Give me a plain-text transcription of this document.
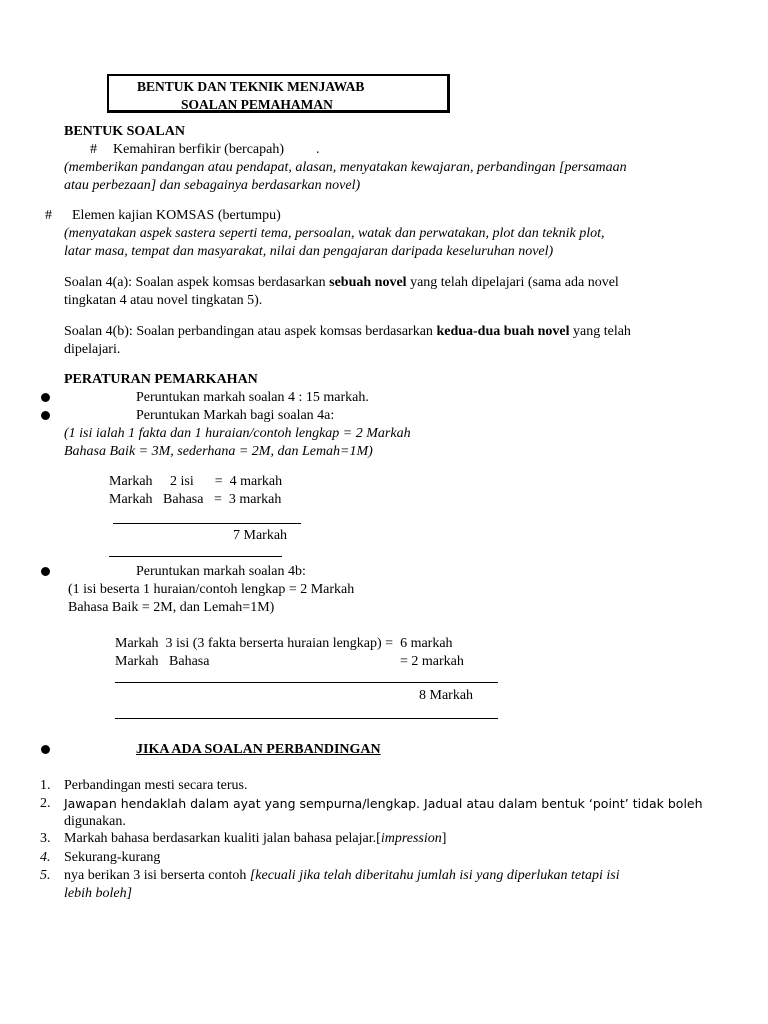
BENTUK DAN TEKNIK MENJAWAB
SOALAN PEMAHAMAN
BENTUK SOALAN
# Kemahiran berfikir (bercapah) .
(memberikan pandangan atau pendapat, alasan, menyatakan kewajaran, perbandingan [persamaan
atau perbezaan] dan sebagainya berdasarkan novel)
# Elemen kajian KOMSAS (bertumpu)
(menyatakan aspek sastera seperti tema, persoalan, watak dan perwatakan, plot dan teknik plot,
latar masa, tempat dan masyarakat, nilai dan pengajaran daripada keseluruhan novel)
Soalan 4(a): Soalan aspek komsas berdasarkan sebuah novel yang telah dipelajari (sama ada novel
tingkatan 4 atau novel tingkatan 5).
Soalan 4(b): Soalan perbandingan atau aspek komsas berdasarkan kedua-dua buah novel yang telah
dipelajari.
PERATURAN PEMARKAHAN
Peruntukan markah soalan 4 : 15 markah.
Peruntukan Markah bagi soalan 4a:
(1 isi ialah 1 fakta dan 1 huraian/contoh lengkap = 2 Markah
Bahasa Baik = 3M, sederhana = 2M, dan Lemah=1M)
Markah     2 isi      =  4 markah
Markah   Bahasa   =  3 markah
7 Markah
Peruntukan markah soalan 4b:
(1 isi beserta 1 huraian/contoh lengkap = 2 Markah
Bahasa Baik = 2M, dan Lemah=1M)
Markah  3 isi (3 fakta berserta huraian lengkap) =  6 markah
Markah   Bahasa	= 2 markah
8 Markah
JIKA ADA SOALAN PERBANDINGAN
1. Perbandingan mesti secara terus.
2. Jawapan hendaklah dalam ayat yang sempurna/lengkap. Jadual atau dalam bentuk ‘point’ tidak boleh
digunakan.
3. Markah bahasa berdasarkan kualiti jalan bahasa pelajar.[impression]
4. Sekurang-kurang
5. nya berikan 3 isi berserta contoh [kecuali jika telah diberitahu jumlah isi yang diperlukan tetapi isi
lebih boleh]
